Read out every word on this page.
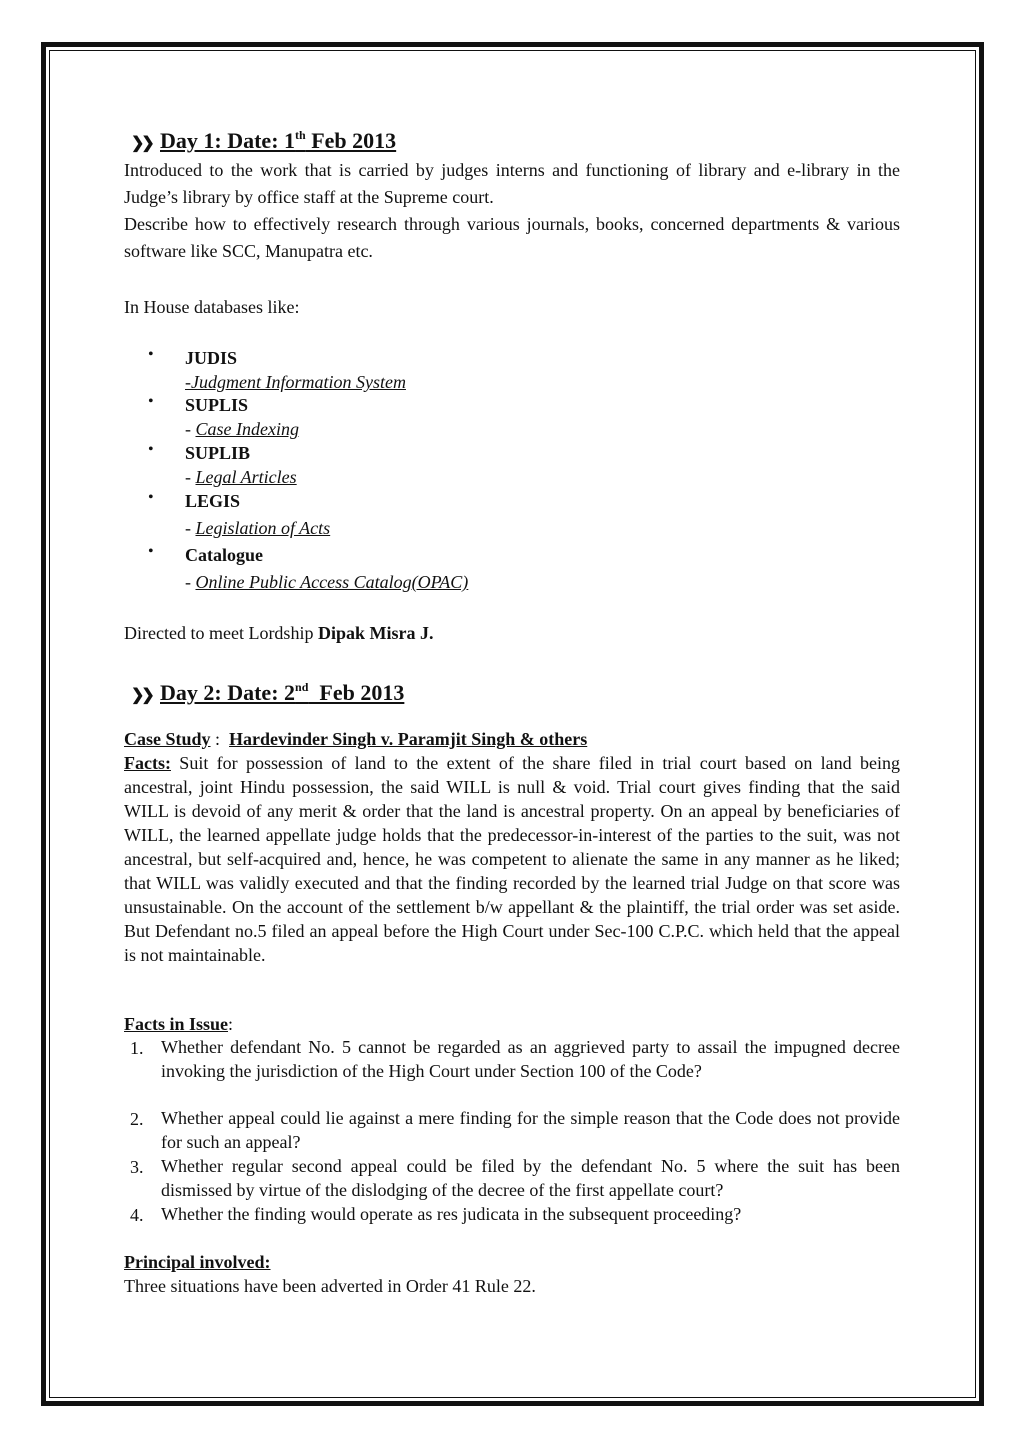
❯❯ Day 1: Date: 1th Feb 2013
Introduced to the work that is carried by judges interns and functioning of library and e-library in the Judge’s library by office staff at the Supreme court.
Describe how to effectively research through various journals, books, concerned departments & various software like SCC, Manupatra etc.
In House databases like:
• JUDIS
-Judgment Information System
• SUPLIS
- Case Indexing
• SUPLIB
- Legal Articles
• LEGIS
- Legislation of Acts
• Catalogue
- Online Public Access Catalog(OPAC)
Directed to meet Lordship Dipak Misra J.
❯❯ Day 2: Date: 2nd  Feb 2013
Case Study :  Hardevinder Singh v. Paramjit Singh & others
Facts: Suit for possession of land to the extent of the share filed in trial court based on land being ancestral, joint Hindu possession, the said WILL is null & void. Trial court gives finding that the said WILL is devoid of any merit & order that the land is ancestral property. On an appeal by beneficiaries of WILL, the learned appellate judge holds that the predecessor-in-interest of the parties to the suit, was not ancestral, but self-acquired and, hence, he was competent to alienate the same in any manner as he liked; that WILL was validly executed and that the finding recorded by the learned trial Judge on that score was unsustainable. On the account of the settlement b/w appellant & the plaintiff, the trial order was set aside. But Defendant no.5 filed an appeal before the High Court under Sec-100 C.P.C. which held that the appeal is not maintainable.
Facts in Issue:
1. Whether defendant No. 5 cannot be regarded as an aggrieved party to assail the impugned decree invoking the jurisdiction of the High Court under Section 100 of the Code?
2. Whether appeal could lie against a mere finding for the simple reason that the Code does not provide for such an appeal?
3. Whether regular second appeal could be filed by the defendant No. 5 where the suit has been dismissed by virtue of the dislodging of the decree of the first appellate court?
4. Whether the finding would operate as res judicata in the subsequent proceeding?
Principal involved:
Three situations have been adverted in Order 41 Rule 22.
